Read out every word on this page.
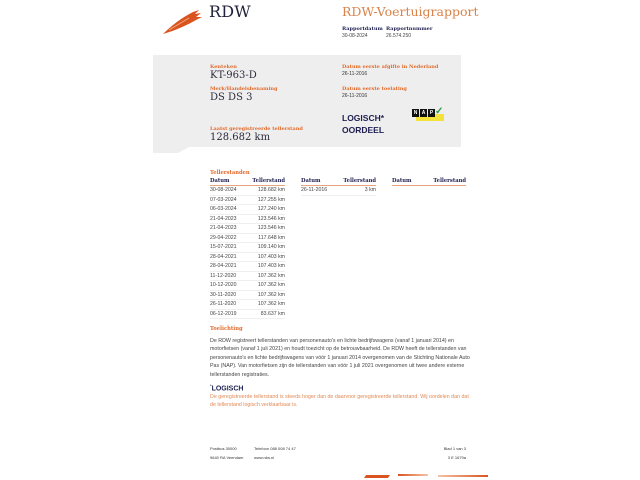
RDW	RDW-Voertuigrapport
Rapportdatum
30-08-2024
Rapportnummer
26.574.250
Kenteken
KT-963-D
Merk/Handelsbenaming
DS DS 3
Laatst geregistreerde tellerstand
128.682 km
Datum eerste afgifte in Nederland
26-11-2016
Datum eerste toelating
26-11-2016
LOGISCH*
OORDEEL
N A P ✓
Tellerstanden
Datum	Tellerstand
30-08-2024	128.682 km
07-03-2024	127.255 km
06-03-2024	127.240 km
21-04-2023	123.546 km
21-04-2023	123.546 km
29-04-2022	117.648 km
15-07-2021	109.140 km
28-04-2021	107.403 km
28-04-2021	107.403 km
11-12-2020	107.362 km
10-12-2020	107.362 km
30-11-2020	107.362 km
26-11-2020	107.362 km
06-12-2019	83.637 km
Datum	Tellerstand
26-11-2016	3 km
Datum	Tellerstand
Toelichting
De RDW registreert tellerstanden van personenauto's en lichte bedrijfswagens (vanaf 1 januari 2014) en motorfietsen (vanaf 1 juli 2021) en houdt toezicht op de betrouwbaarheid. De RDW heeft de tellerstanden van personenauto's en lichte bedrijfswagens van vóór 1 januari 2014 overgenomen van de Stichting Nationale Auto Pas (NAP). Van motorfietsen zijn de tellerstanden van vóór 1 juli 2021 overgenomen uit twee andere externe tellerstanden registraties.
*LOGISCH
De geregistreerde tellerstand is steeds hoger dan de daarvoor geregistreerde tellerstand. Wij oordelen dan dat de tellerstand logisch verklaarbaar is.
Postbus 30000
9640 RA Veendam
Telefoon 088 008 74 47
www.rdw.nl
Blad 1 van 3
3 E 1679a
